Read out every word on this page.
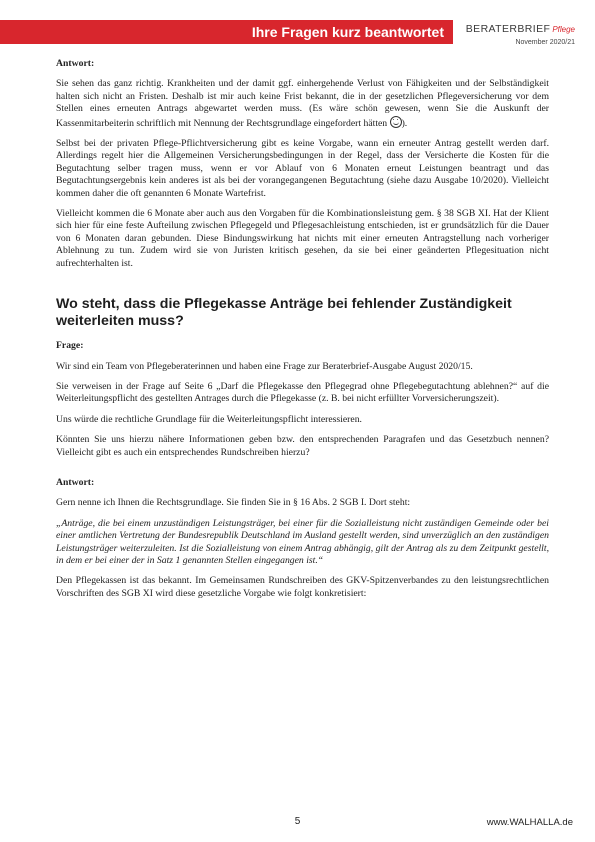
Ihre Fragen kurz beantwortet	BERATERBRIEF Pflege
November 2020/21
Antwort:

Sie sehen das ganz richtig. Krankheiten und der damit ggf. einhergehende Verlust von Fähigkeiten und der Selbständigkeit halten sich nicht an Fristen. Deshalb ist mir auch keine Frist bekannt, die in der gesetzlichen Pflegeversicherung vor dem Stellen eines erneuten Antrags abgewartet werden muss. (Es wäre schön gewesen, wenn Sie die Auskunft der Kassenmitarbeiterin schriftlich mit Nennung der Rechtsgrundlage eingefordert hätten ).

Selbst bei der privaten Pflege-Pflichtversicherung gibt es keine Vorgabe, wann ein erneuter Antrag gestellt werden darf. Allerdings regelt hier die Allgemeinen Versicherungsbedingungen in der Regel, dass der Versicherte die Kosten für die Begutachtung selber tragen muss, wenn er vor Ablauf von 6 Monaten erneut Leistungen beantragt und das Begutachtungsergebnis kein anderes ist als bei der vorangegangenen Begutachtung (siehe dazu Ausgabe 10/2020). Vielleicht kommen daher die oft genannten 6 Monate Wartefrist.

Vielleicht kommen die 6 Monate aber auch aus den Vorgaben für die Kombinationsleistung gem. § 38 SGB XI. Hat der Klient sich hier für eine feste Aufteilung zwischen Pflegegeld und Pflegesachleistung entschieden, ist er grundsätzlich für die Dauer von 6 Monaten daran gebunden. Diese Bindungswirkung hat nichts mit einer erneuten Antragstellung nach vorheriger Ablehnung zu tun. Zudem wird sie von Juristen kritisch gesehen, da sie bei einer geänderten Pflegesituation nicht aufrechterhalten ist.

Wo steht, dass die Pflegekasse Anträge bei fehlender Zuständigkeit weiterleiten muss?
Frage:

Wir sind ein Team von Pflegeberaterinnen und haben eine Frage zur Beraterbrief-Ausgabe August 2020/15.

Sie verweisen in der Frage auf Seite 6 „Darf die Pflegekasse den Pflegegrad ohne Pflegebegutachtung ablehnen?“ auf die Weiterleitungspflicht des gestellten Antrages durch die Pflegekasse (z. B. bei nicht erfüllter Vorversicherungszeit).

Uns würde die rechtliche Grundlage für die Weiterleitungspflicht interessieren.

Könnten Sie uns hierzu nähere Informationen geben bzw. den entsprechenden Paragrafen und das Gesetzbuch nennen? Vielleicht gibt es auch ein entsprechendes Rundschreiben hierzu?

Antwort:

Gern nenne ich Ihnen die Rechtsgrundlage. Sie finden Sie in § 16 Abs. 2 SGB I. Dort steht:

„Anträge, die bei einem unzuständigen Leistungsträger, bei einer für die Sozialleistung nicht zuständigen Gemeinde oder bei einer amtlichen Vertretung der Bundesrepublik Deutschland im Ausland gestellt werden, sind unverzüglich an den zuständigen Leistungsträger weiterzuleiten. Ist die Sozialleistung von einem Antrag abhängig, gilt der Antrag als zu dem Zeitpunkt gestellt, in dem er bei einer der in Satz 1 genannten Stellen eingegangen ist.“

Den Pflegekassen ist das bekannt. Im Gemeinsamen Rundschreiben des GKV-Spitzenverbandes zu den leistungsrechtlichen Vorschriften des SGB XI wird diese gesetzliche Vorgabe wie folgt konkretisiert:

5	www.WALHALLA.de
